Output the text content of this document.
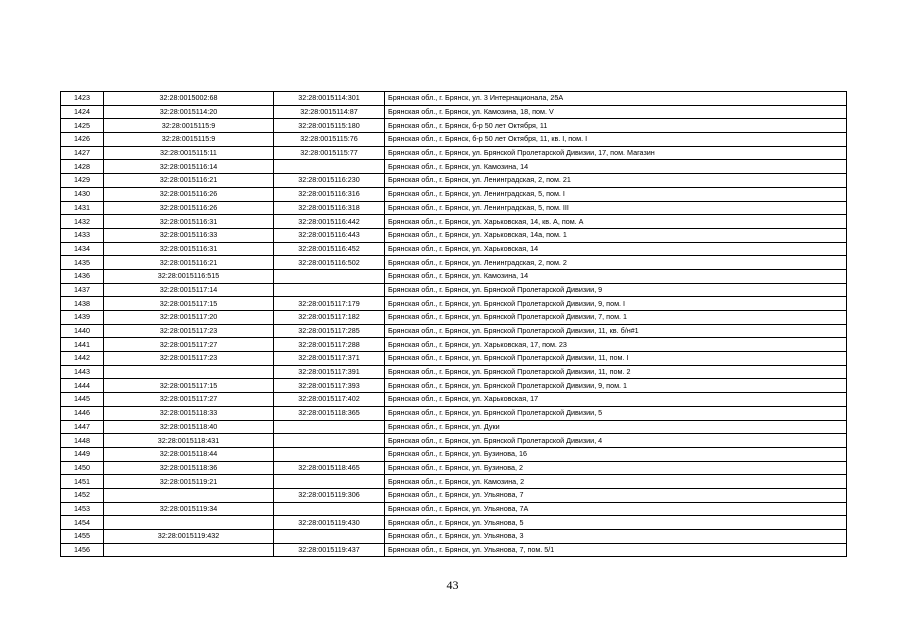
1423	32:28:0015002:68	32:28:0015114:301	Брянская обл., г. Брянск, ул. 3 Интернационала, 25А
1424	32:28:0015114:20	32:28:0015114:87	Брянская обл., г. Брянск, ул. Камозина, 18, пом. V
1425	32:28:0015115:9	32:28:0015115:180	Брянская обл., г. Брянск, б-р 50 лет Октября, 11
1426	32:28:0015115:9	32:28:0015115:76	Брянская обл., г. Брянск, б-р 50 лет Октября, 11, кв. I, пом. I
1427	32:28:0015115:11	32:28:0015115:77	Брянская обл., г. Брянск, ул. Брянской Пролетарской Дивизии, 17, пом. Магазин
1428	32:28:0015116:14		Брянская обл., г. Брянск, ул. Камозина, 14
1429	32:28:0015116:21	32:28:0015116:230	Брянская обл., г. Брянск, ул. Ленинградская, 2, пом. 21
1430	32:28:0015116:26	32:28:0015116:316	Брянская обл., г. Брянск, ул. Ленинградская, 5, пом. I
1431	32:28:0015116:26	32:28:0015116:318	Брянская обл., г. Брянск, ул. Ленинградская, 5, пом. III
1432	32:28:0015116:31	32:28:0015116:442	Брянская обл., г. Брянск, ул. Харьковская, 14, кв. А, пом. А
1433	32:28:0015116:33	32:28:0015116:443	Брянская обл., г. Брянск, ул. Харьковская, 14а, пом. 1
1434	32:28:0015116:31	32:28:0015116:452	Брянская обл., г. Брянск, ул. Харьковская, 14
1435	32:28:0015116:21	32:28:0015116:502	Брянская обл., г. Брянск, ул. Ленинградская, 2, пом. 2
1436	32:28:0015116:515		Брянская обл., г. Брянск, ул. Камозина, 14
1437	32:28:0015117:14		Брянская обл., г. Брянск, ул. Брянской Пролетарской Дивизии, 9
1438	32:28:0015117:15	32:28:0015117:179	Брянская обл., г. Брянск, ул. Брянской Пролетарской Дивизии, 9, пом. I
1439	32:28:0015117:20	32:28:0015117:182	Брянская обл., г. Брянск, ул. Брянской Пролетарской Дивизии, 7, пом. 1
1440	32:28:0015117:23	32:28:0015117:285	Брянская обл., г. Брянск, ул. Брянской Пролетарской Дивизии, 11, кв. б/н#1
1441	32:28:0015117:27	32:28:0015117:288	Брянская обл., г. Брянск, ул. Харьковская, 17, пом. 23
1442	32:28:0015117:23	32:28:0015117:371	Брянская обл., г. Брянск, ул. Брянской Пролетарской Дивизии, 11, пом. I
1443		32:28:0015117:391	Брянская обл., г. Брянск, ул. Брянской Пролетарской Дивизии, 11, пом. 2
1444	32:28:0015117:15	32:28:0015117:393	Брянская обл., г. Брянск, ул. Брянской Пролетарской Дивизии, 9, пом. 1
1445	32:28:0015117:27	32:28:0015117:402	Брянская обл., г. Брянск, ул. Харьковская, 17
1446	32:28:0015118:33	32:28:0015118:365	Брянская обл., г. Брянск, ул. Брянской Пролетарской Дивизии, 5
1447	32:28:0015118:40		Брянская обл., г. Брянск, ул. Дуки
1448	32:28:0015118:431		Брянская обл., г. Брянск, ул. Брянской Пролетарской Дивизии, 4
1449	32:28:0015118:44		Брянская обл., г. Брянск, ул. Бузинова, 16
1450	32:28:0015118:36	32:28:0015118:465	Брянская обл., г. Брянск, ул. Бузинова, 2
1451	32:28:0015119:21		Брянская обл., г. Брянск, ул. Камозина, 2
1452		32:28:0015119:306	Брянская обл., г. Брянск, ул. Ульянова, 7
1453	32:28:0015119:34		Брянская обл., г. Брянск, ул. Ульянова, 7А
1454		32:28:0015119:430	Брянская обл., г. Брянск, ул. Ульянова, 5
1455	32:28:0015119:432		Брянская обл., г. Брянск, ул. Ульянова, 3
1456		32:28:0015119:437	Брянская обл., г. Брянск, ул. Ульянова, 7, пом. 5/1
43
